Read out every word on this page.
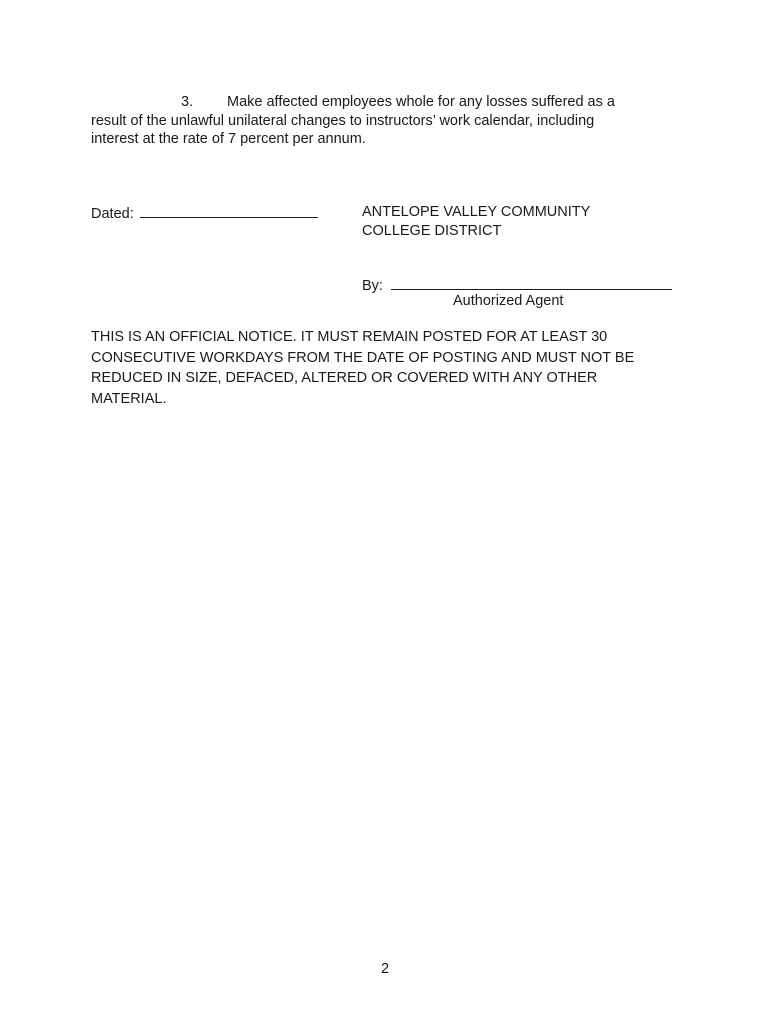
3. Make affected employees whole for any losses suffered as a
result of the unlawful unilateral changes to instructors’ work calendar, including
interest at the rate of 7 percent per annum.
Dated:	ANTELOPE VALLEY COMMUNITY
COLLEGE DISTRICT
By:
Authorized Agent
THIS IS AN OFFICIAL NOTICE. IT MUST REMAIN POSTED FOR AT LEAST 30
CONSECUTIVE WORKDAYS FROM THE DATE OF POSTING AND MUST NOT BE
REDUCED IN SIZE, DEFACED, ALTERED OR COVERED WITH ANY OTHER
MATERIAL.
2
